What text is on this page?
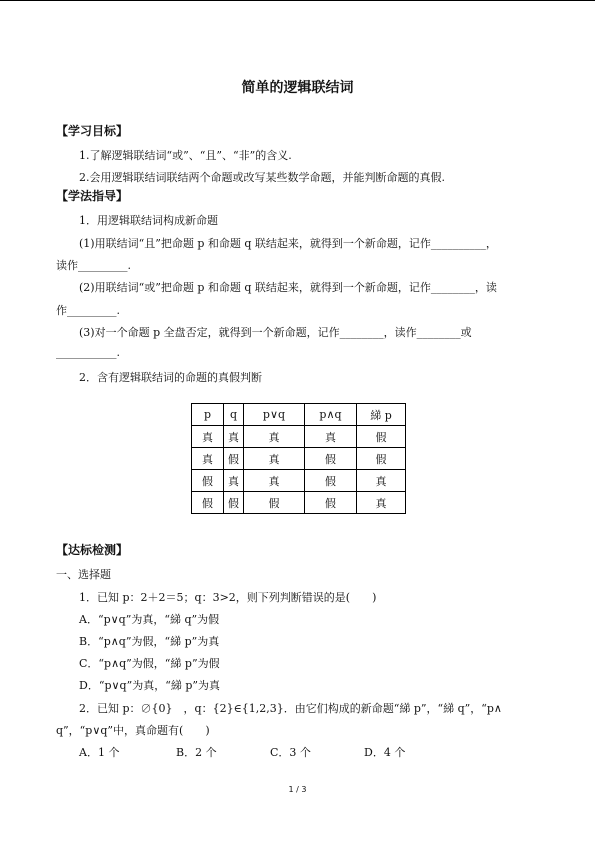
简单的逻辑联结词
【学习目标】
1.了解逻辑联结词“或”、“且”、“非”的含义.
2.会用逻辑联结词联结两个命题或改写某些数学命题，并能判断命题的真假.
【学法指导】
1．用逻辑联结词构成新命题
(1)用联结词“且”把命题 p 和命题 q 联结起来，就得到一个新命题，记作__________，
读作_________.
(2)用联结词“或”把命题 p 和命题 q 联结起来，就得到一个新命题，记作________，读
作_________.
(3)对一个命题 p 全盘否定，就得到一个新命题，记作________，读作________或
___________.
2．含有逻辑联结词的命题的真假判断
p	q	p∨q	p∧q	綈 p
真	真	真	真	假
真	假	真	假	假
假	真	真	假	真
假	假	假	假	真
【达标检测】
一、选择题
1．已知 p：2＋2＝5；q：3>2，则下列判断错误的是(　　)
A．“p∨q”为真，“綈 q”为假
B．“p∧q”为假，“綈 p”为真
C．“p∧q”为假，“綈 p”为假
D．“p∨q”为真，“綈 p”为真
2．已知 p：∅{0}　，q：{2}∈{1,2,3}．由它们构成的新命题“綈 p”，“綈 q”，“p∧
q”，“p∨q”中，真命题有(　　)
A．1 个	B．2 个	C．3 个	D．4 个
1 / 3
